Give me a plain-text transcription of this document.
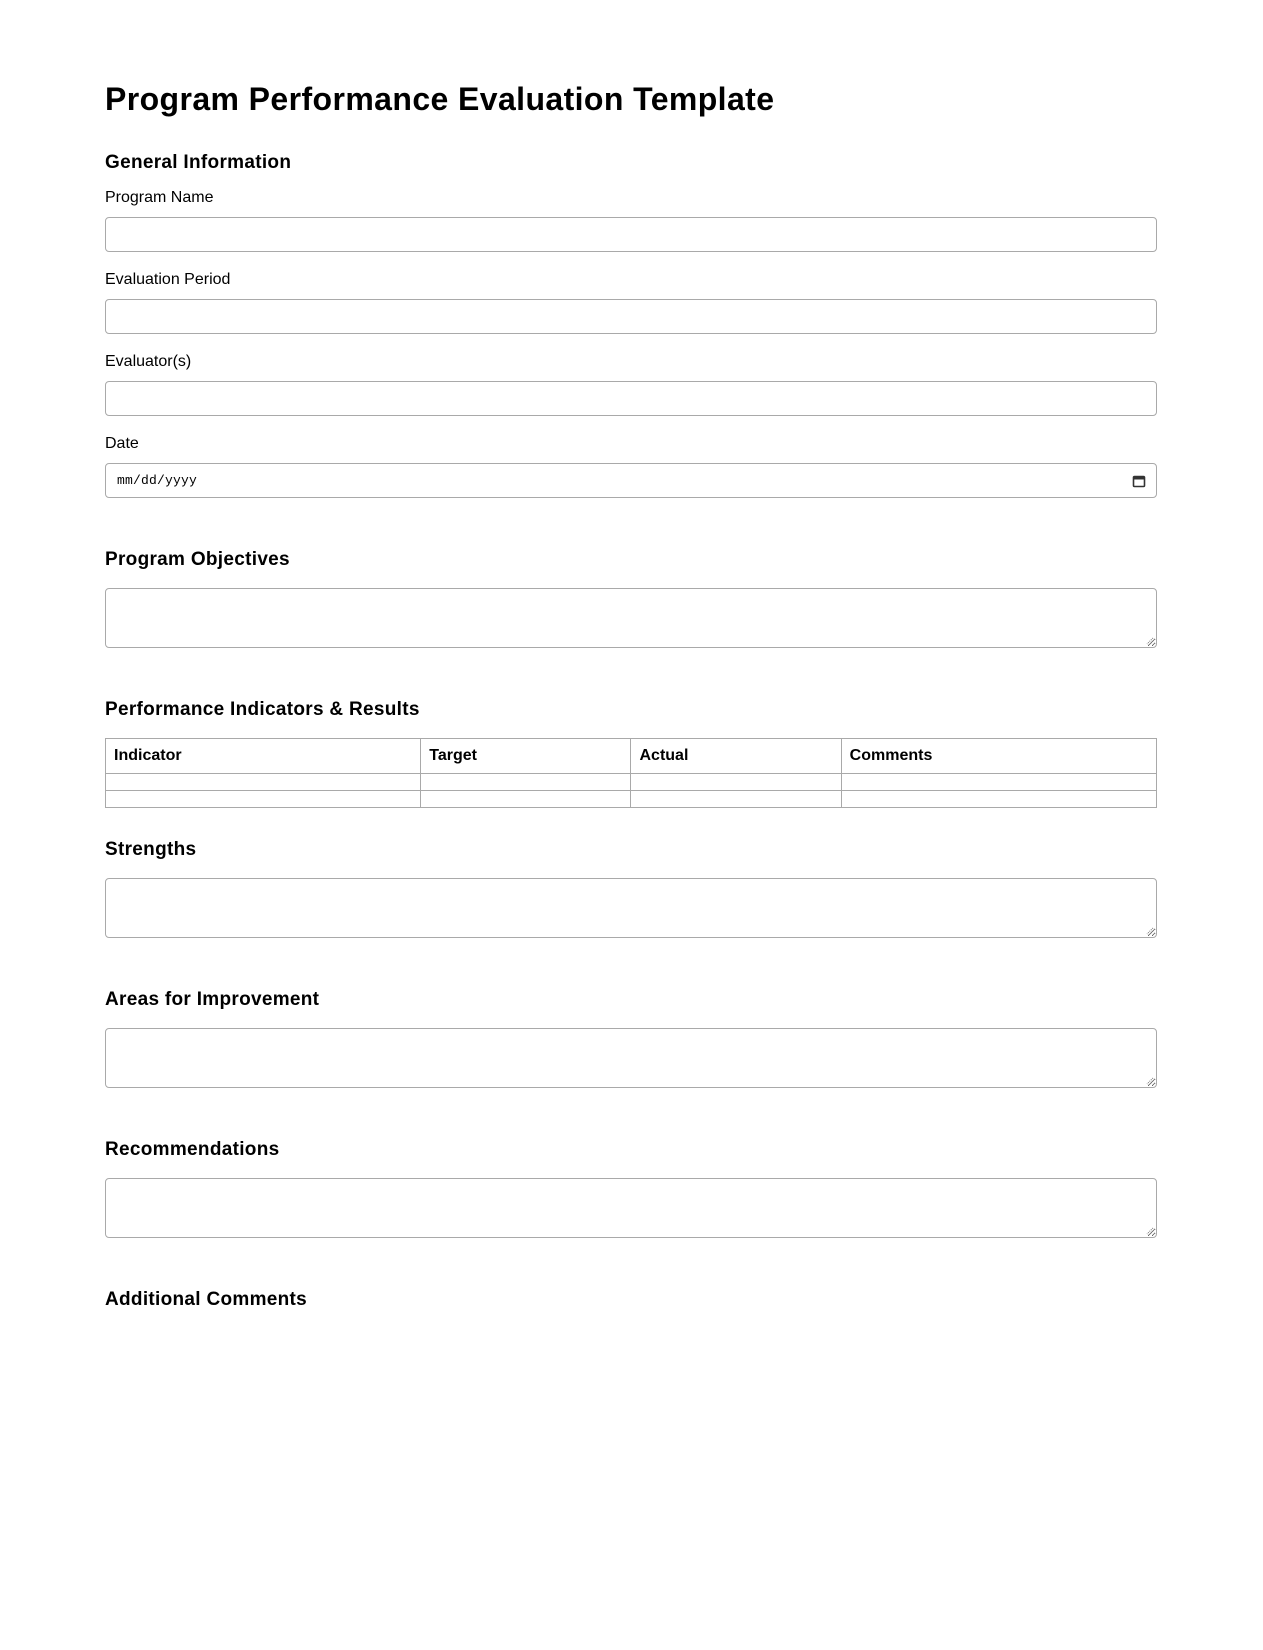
Program Performance Evaluation Template
General Information
Program Name
Evaluation Period
Evaluator(s)
Date
mm/dd/yyyy
Program Objectives
Performance Indicators & Results
Indicator	Target	Actual	Comments

Strengths
Areas for Improvement
Recommendations
Additional Comments
